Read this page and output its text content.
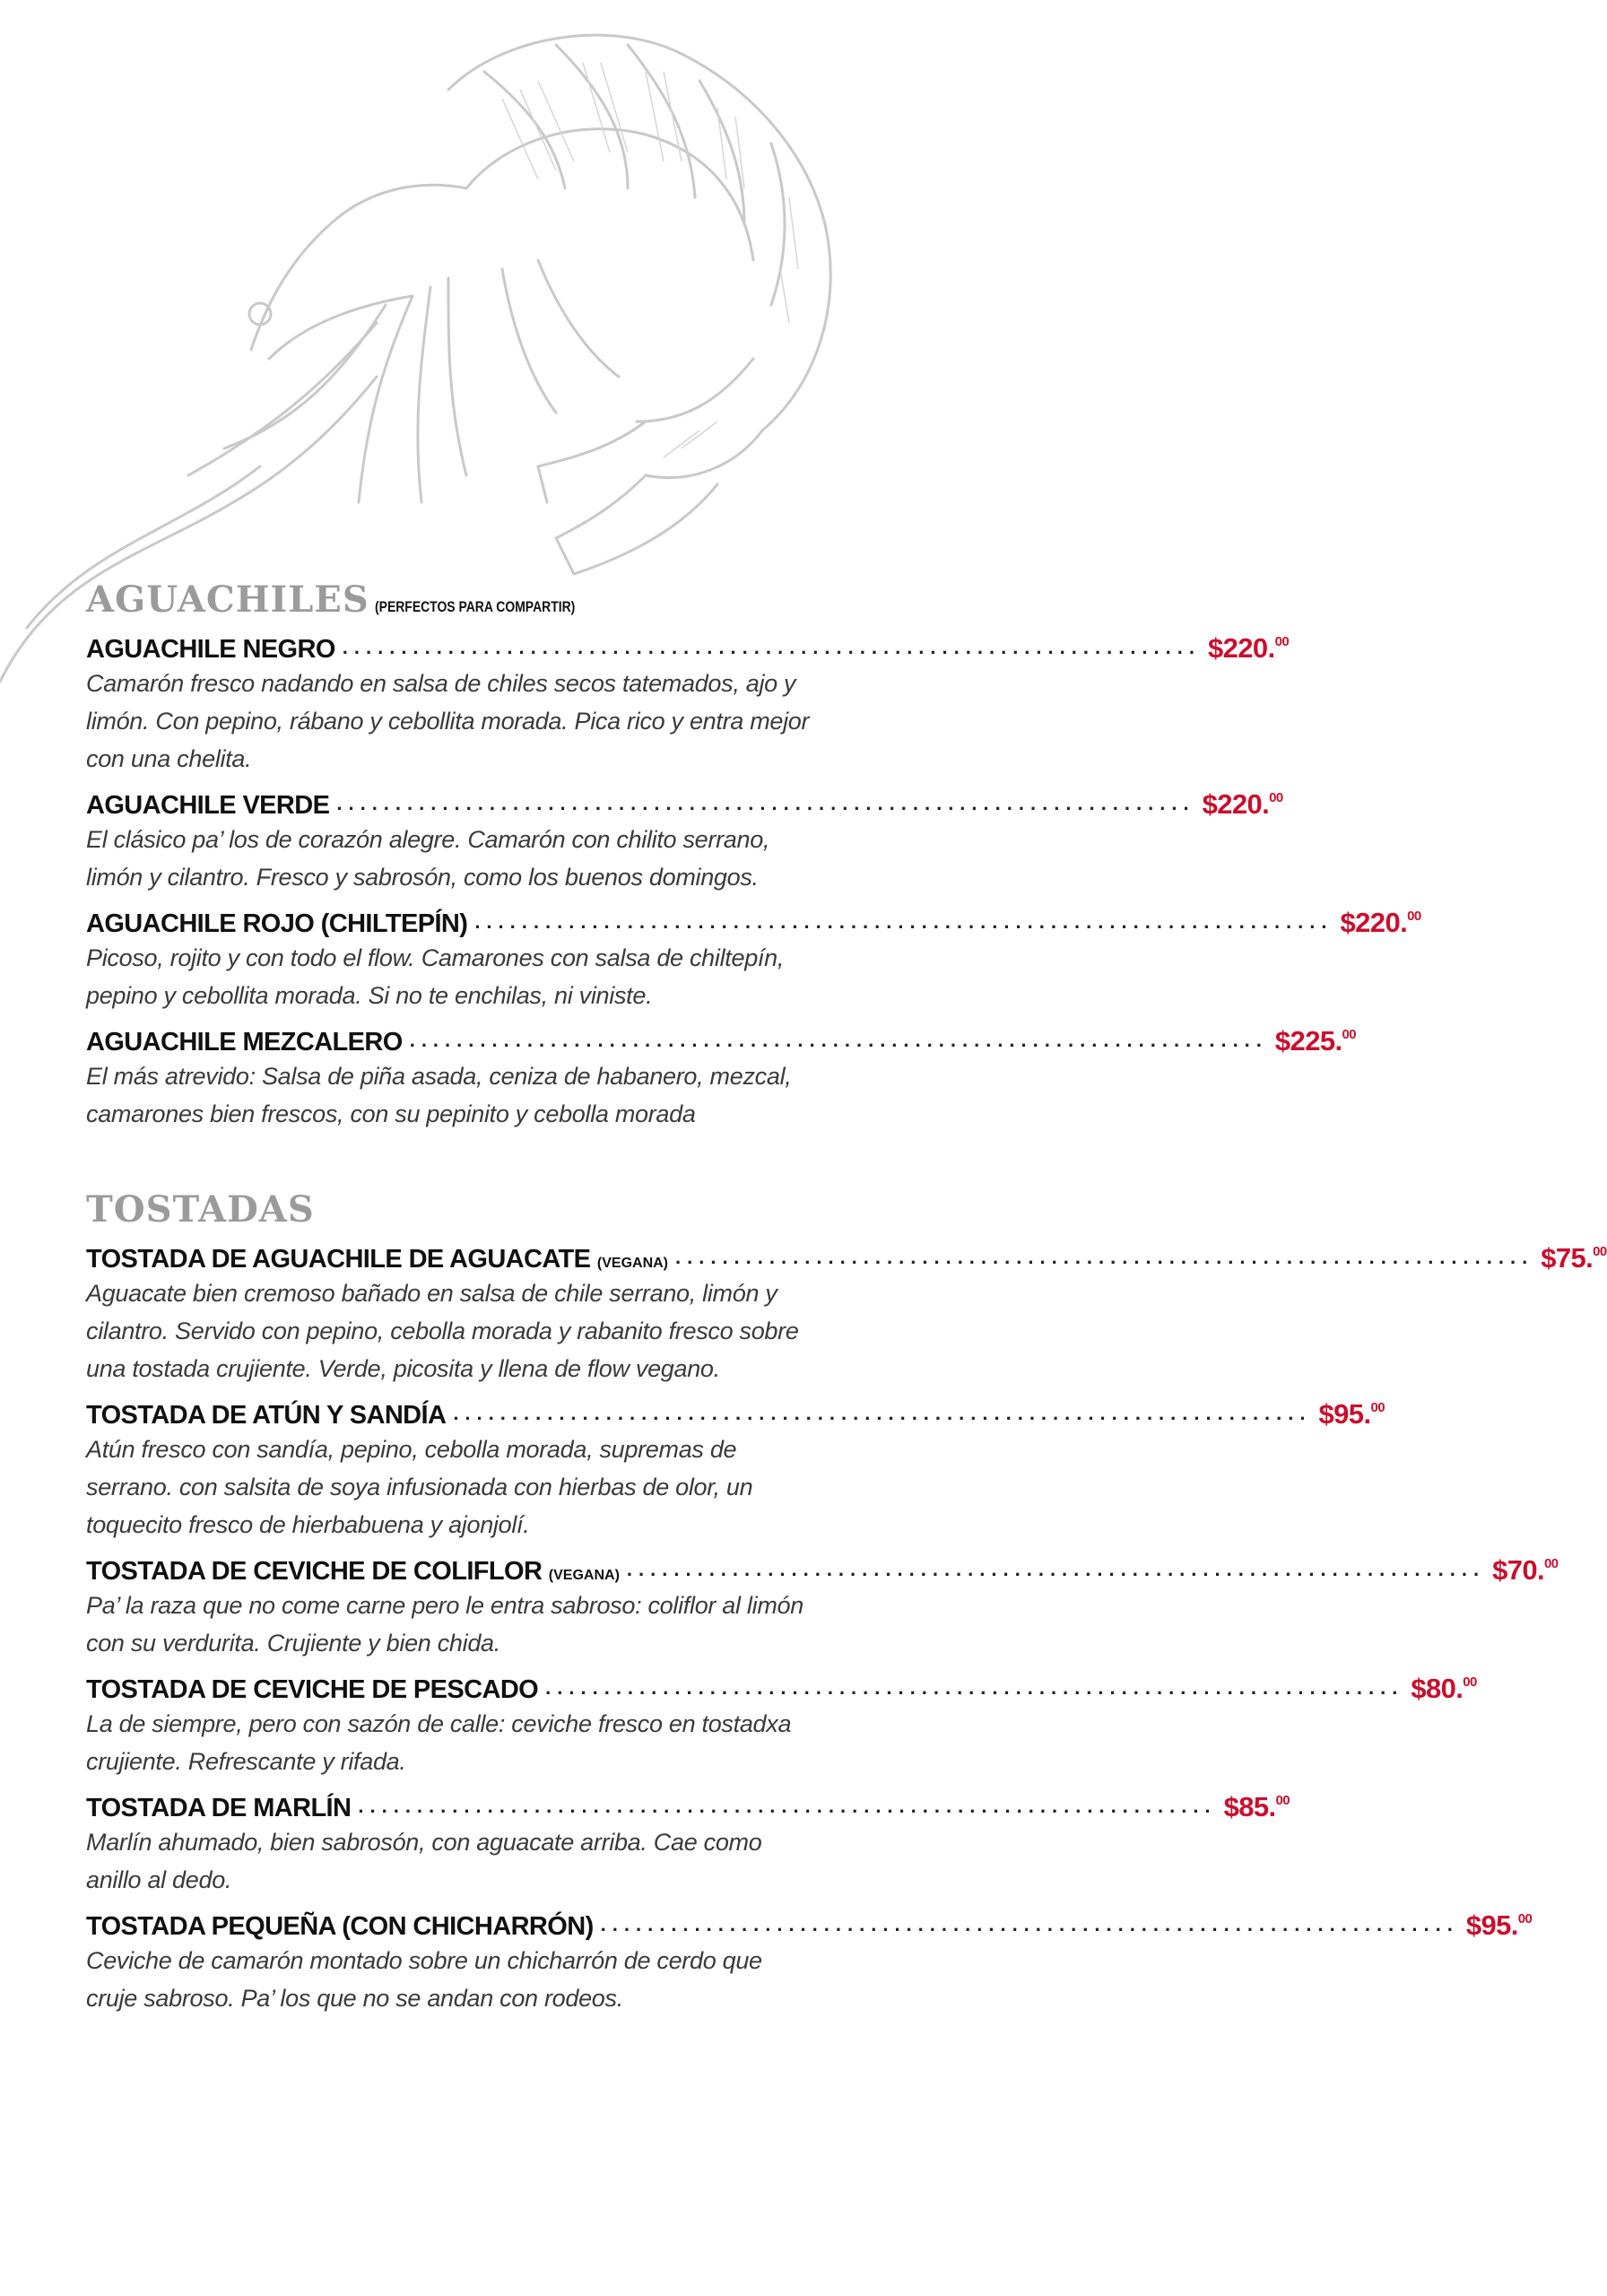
AGUACHILES (PERFECTOS PARA COMPARTIR)
AGUACHILE NEGRO ......................................................................... $220.00
Camarón fresco nadando en salsa de chiles secos tatemados, ajo y limón. Con pepino, rábano y cebollita morada. Pica rico y entra mejor con una chelita.
AGUACHILE VERDE ......................................................................... $220.00
El clásico pa’ los de corazón alegre. Camarón con chilito serrano, limón y cilantro. Fresco y sabrosón, como los buenos domingos.
AGUACHILE ROJO (CHILTEPÍN) ......................................................................... $220.00
Picoso, rojito y con todo el flow. Camarones con salsa de chiltepín, pepino y cebollita morada. Si no te enchilas, ni viniste.
AGUACHILE MEZCALERO ......................................................................... $225.00
El más atrevido: Salsa de piña asada, ceniza de habanero, mezcal, camarones bien frescos, con su pepinito y cebolla morada
TOSTADAS
TOSTADA DE AGUACHILE DE AGUACATE (VEGANA) ......................................................................... $75.00
Aguacate bien cremoso bañado en salsa de chile serrano, limón y cilantro. Servido con pepino, cebolla morada y rabanito fresco sobre una tostada crujiente. Verde, picosita y llena de flow vegano.
TOSTADA DE ATÚN Y SANDÍA ......................................................................... $95.00
Atún fresco con sandía, pepino, cebolla morada, supremas de serrano. con salsita de soya infusionada con hierbas de olor, un toquecito fresco de hierbabuena y ajonjolí.
TOSTADA DE CEVICHE DE COLIFLOR (VEGANA) ......................................................................... $70.00
Pa’ la raza que no come carne pero le entra sabroso: coliflor al limón con su verdurita. Crujiente y bien chida.
TOSTADA DE CEVICHE DE PESCADO ......................................................................... $80.00
La de siempre, pero con sazón de calle: ceviche fresco en tostadxa crujiente. Refrescante y rifada.
TOSTADA DE MARLÍN ......................................................................... $85.00
Marlín ahumado, bien sabrosón, con aguacate arriba. Cae como anillo al dedo.
TOSTADA PEQUEÑA (CON CHICHARRÓN) ......................................................................... $95.00
Ceviche de camarón montado sobre un chicharrón de cerdo que cruje sabroso. Pa’ los que no se andan con rodeos.
